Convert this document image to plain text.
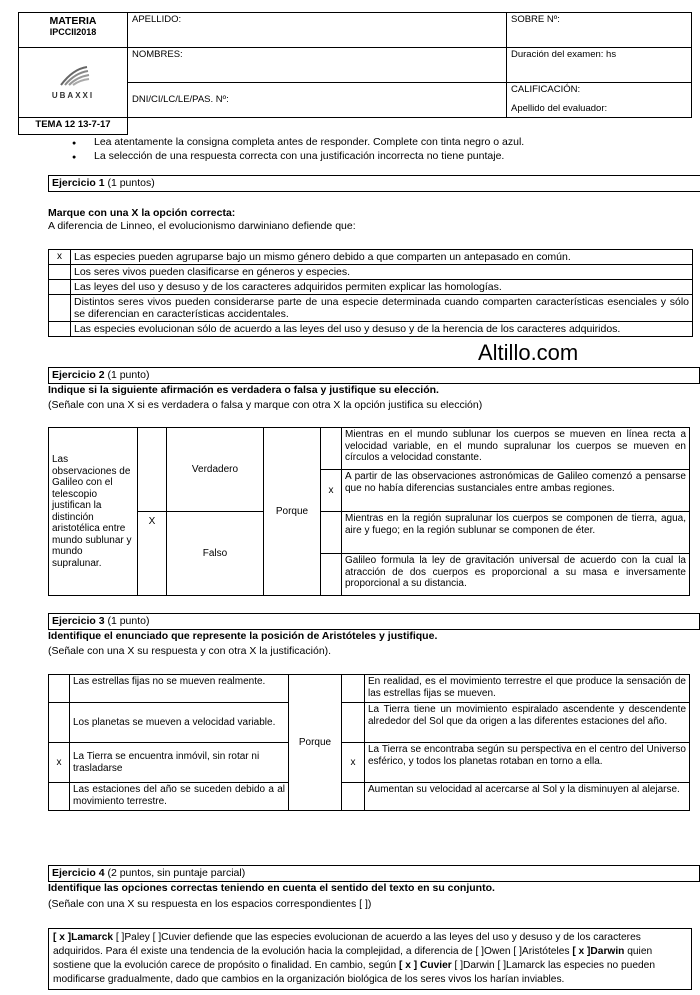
MATERIA
IPCCII2018	APELLIDO:	SOBRE Nº:

UBAXXI	NOMBRES:	Duración del examen: hs
	DNI/CI/LC/LE/PAS. Nº:	CALIFICACIÓN:
Apellido del evaluador:

TEMA 12 13-7-17		
● Lea atentamente la consigna completa antes de responder. Complete con tinta negro o azul.
● La selección de una respuesta correcta con una justificación incorrecta no tiene puntaje.
Ejercicio 1 (1 puntos)
Marque con una X la opción correcta:
A diferencia de Linneo, el evolucionismo darwiniano defiende que:
x	Las especies pueden agruparse bajo un mismo género debido a que comparten un antepasado en común.
	Los seres vivos pueden clasificarse en géneros y especies.
	Las leyes del uso y desuso y de los caracteres adquiridos permiten explicar las homologías.
	Distintos seres vivos pueden considerarse parte de una especie determinada cuando comparten características esenciales y sólo se diferencian en características accidentales.
	Las especies evolucionan sólo de acuerdo a las leyes del uso y desuso y de la herencia de los caracteres adquiridos.
Altillo.com
Ejercicio 2 (1 punto)
Indique si la siguiente afirmación es verdadera o falsa y justifique su elección.
(Señale con una X si es verdadera o falsa y marque con otra X la opción justifica su elección)
Las observaciones de Galileo con el telescopio justifican la distinción aristotélica entre mundo sublunar y mundo supralunar.		Verdadero	Porque		Mientras en el mundo sublunar los cuerpos se mueven en línea recta a velocidad variable, en el mundo supralunar los cuerpos se mueven en círculos a velocidad constante.
				x	A partir de las observaciones astronómicas de Galileo comenzó a pensarse que no había diferencias sustanciales entre ambas regiones.
	X	Falso			Mientras en la región supralunar los cuerpos se componen de tierra, agua, aire y fuego; en la región sublunar se componen de éter.
					Galileo formula la ley de gravitación universal de acuerdo con la cual la atracción de dos cuerpos es proporcional a su masa e inversamente proporcional a su distancia.
Ejercicio 3 (1 punto)
Identifique el enunciado que represente la posición de Aristóteles y justifique.
(Señale con una X su respuesta y con otra X la justificación).
	Las estrellas fijas no se mueven realmente.	Porque		En realidad, es el movimiento terrestre el que produce la sensación de las estrellas fijas se mueven.
	Los planetas se mueven a velocidad variable.			La Tierra tiene un movimiento espiralado ascendente y descendente alrededor del Sol que da origen a las diferentes estaciones del año.
x	La Tierra se encuentra inmóvil, sin rotar ni trasladarse		x	La Tierra se encontraba según su perspectiva en el centro del Universo esférico, y todos los planetas rotaban en torno a ella.
	Las estaciones del año se suceden debido a al movimiento terrestre.			Aumentan su velocidad al acercarse al Sol y la disminuyen al alejarse.
Ejercicio 4 (2 puntos, sin puntaje parcial)
Identifique las opciones correctas teniendo en cuenta el sentido del texto en su conjunto.
(Señale con una X su respuesta en los espacios correspondientes [ ])
[ x ]Lamarck [ ]Paley [ ]Cuvier defiende que las especies evolucionan de acuerdo a las leyes del uso y desuso y de los caracteres adquiridos. Para él existe una tendencia de la evolución hacia la complejidad, a diferencia de [ ]Owen [ ]Aristóteles [ x ]Darwin quien sostiene que la evolución carece de propósito o finalidad. En cambio, según [ x ] Cuvier [ ]Darwin [ ]Lamarck las especies no pueden modificarse gradualmente, dado que cambios en la organización biológica de los seres vivos los harían inviables.
